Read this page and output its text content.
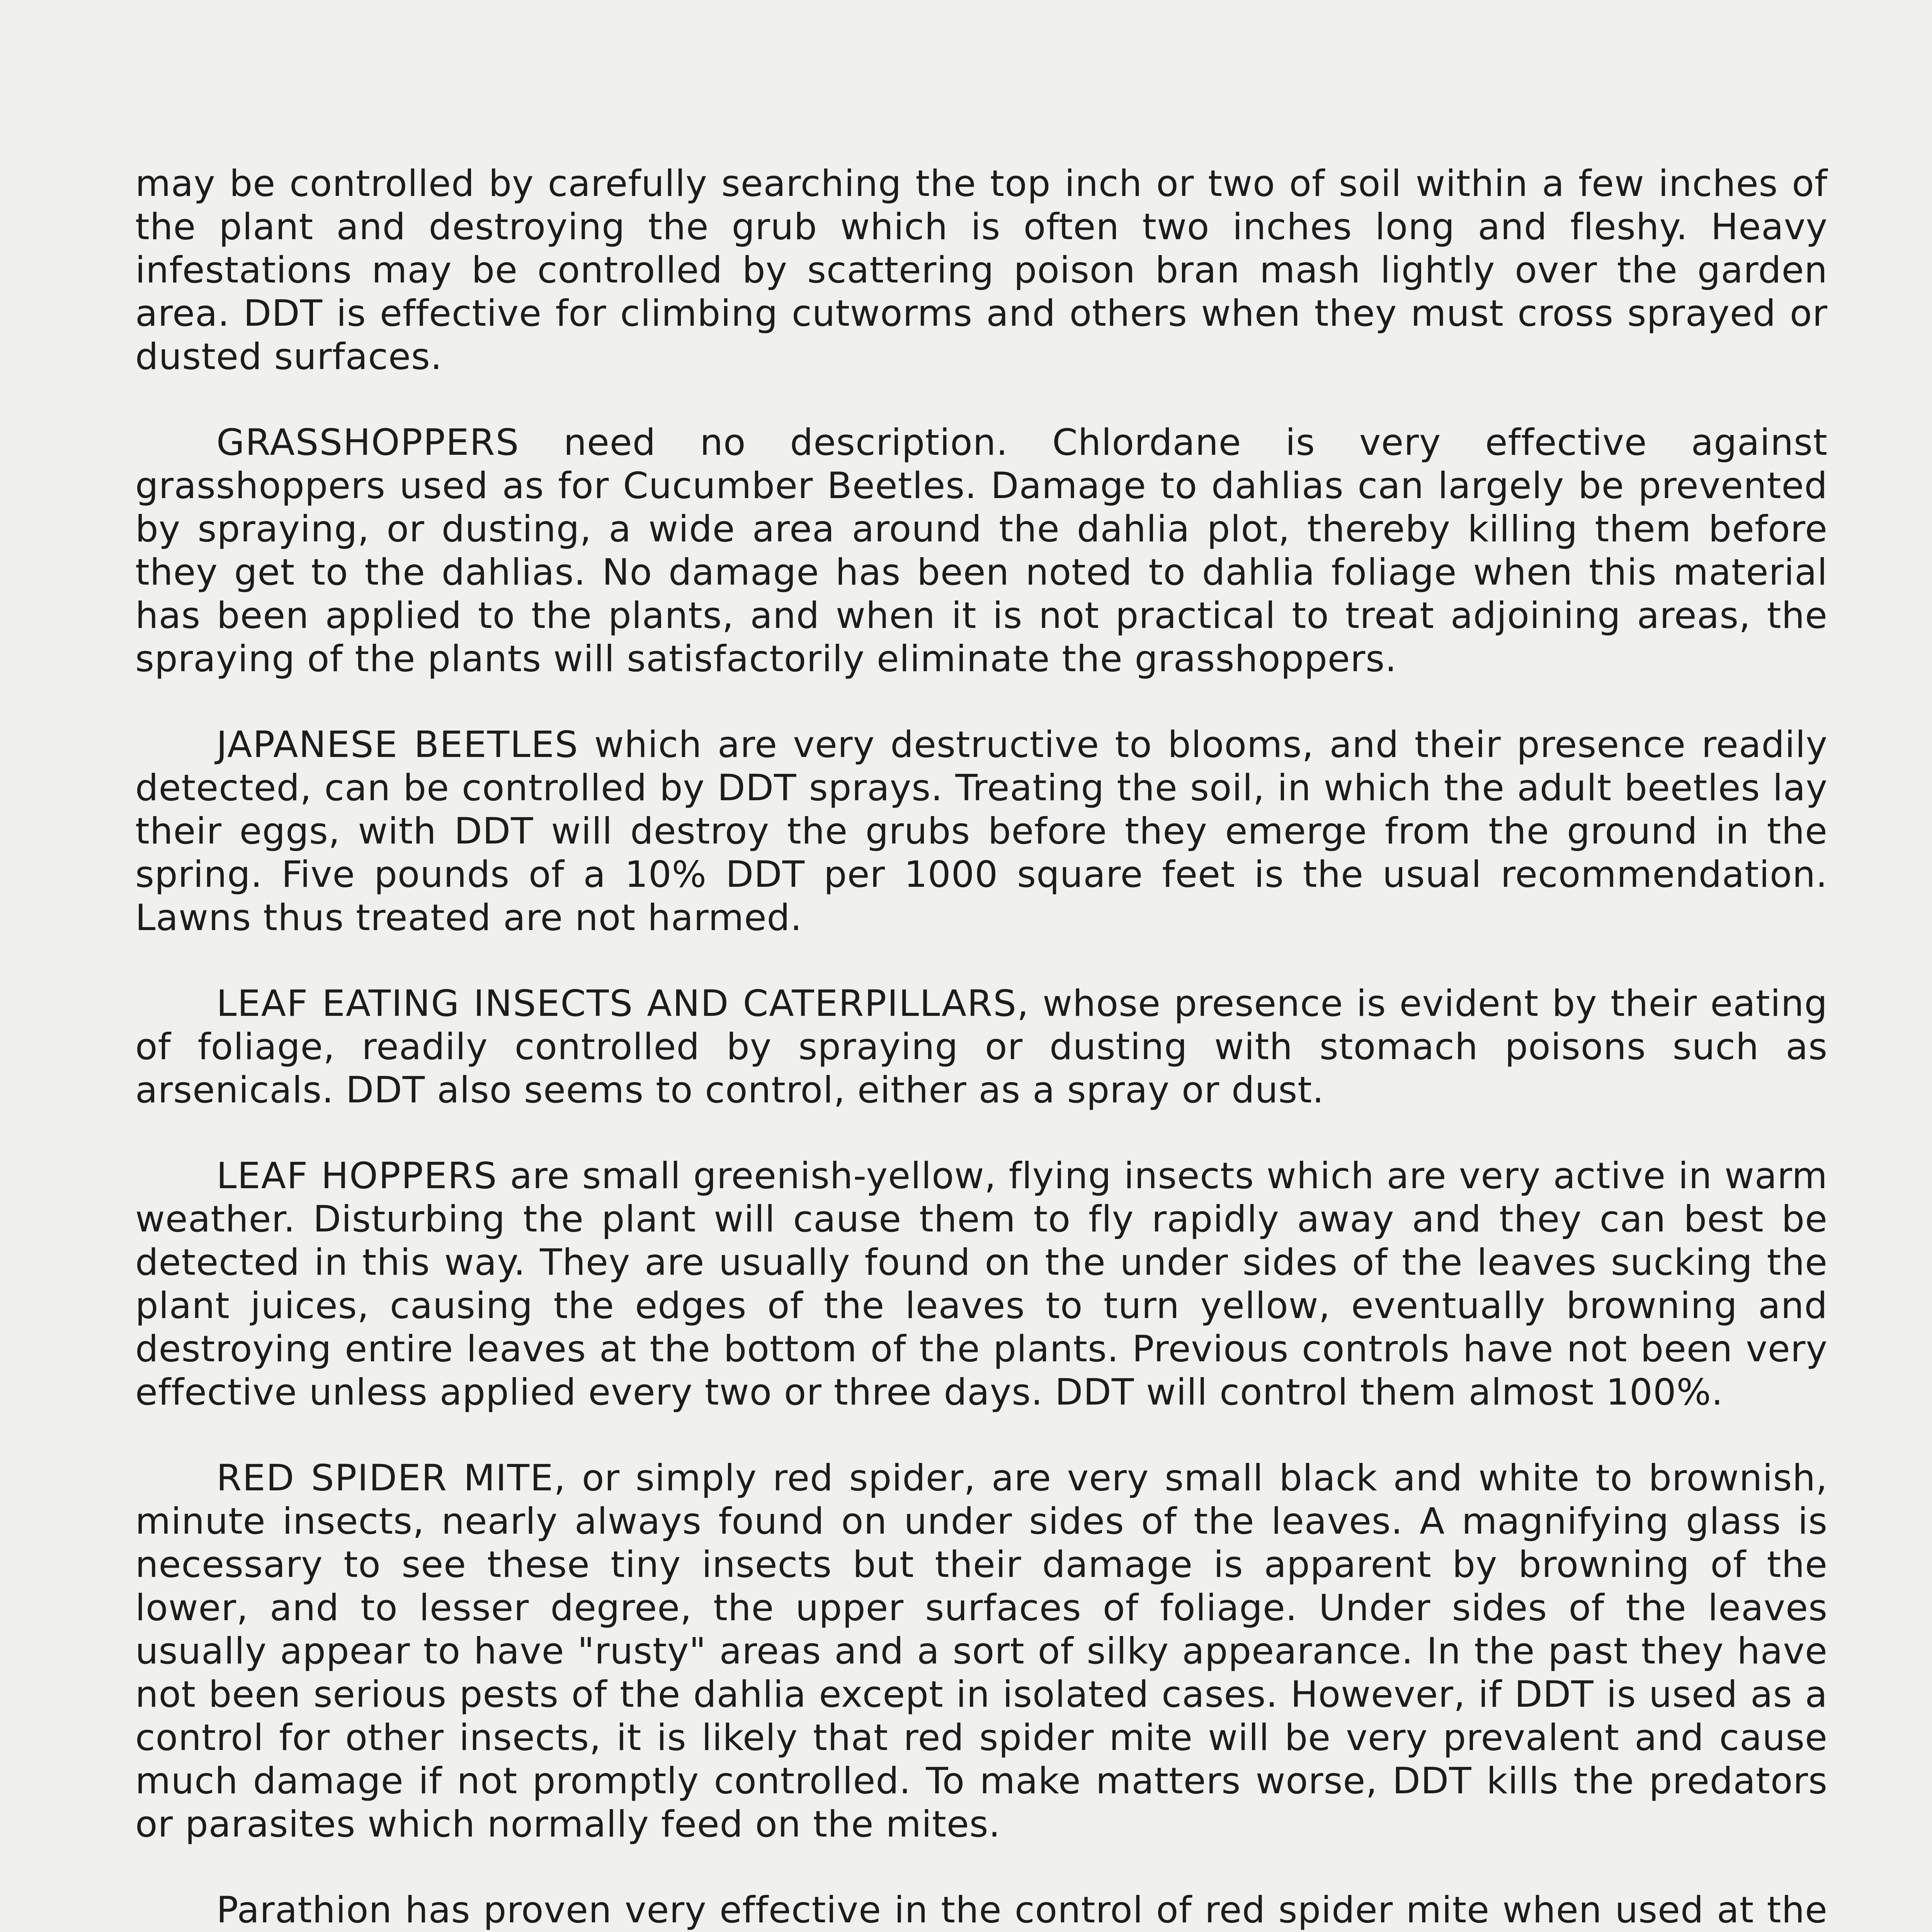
may be controlled by carefully searching the top inch or two of soil within a few inches of the plant and destroying the grub which is often two inches long and fleshy. Heavy infestations may be controlled by scattering poison bran mash lightly over the garden area. DDT is effective for climbing cutworms and others when they must cross sprayed or dusted surfaces.

GRASSHOPPERS need no description. Chlordane is very effective against grasshoppers used as for Cucumber Beetles. Damage to dahlias can largely be prevented by spraying, or dusting, a wide area around the dahlia plot, thereby killing them before they get to the dahlias. No damage has been noted to dahlia foliage when this material has been applied to the plants, and when it is not practical to treat adjoining areas, the spraying of the plants will satisfactorily eliminate the grasshoppers.

JAPANESE BEETLES which are very destructive to blooms, and their presence readily detected, can be controlled by DDT sprays. Treating the soil, in which the adult beetles lay their eggs, with DDT will destroy the grubs before they emerge from the ground in the spring. Five pounds of a 10% DDT per 1000 square feet is the usual recommendation. Lawns thus treated are not harmed.

LEAF EATING INSECTS AND CATERPILLARS, whose presence is evident by their eating of foliage, readily controlled by spraying or dusting with stomach poisons such as arsenicals. DDT also seems to control, either as a spray or dust.

LEAF HOPPERS are small greenish-yellow, flying insects which are very active in warm weather. Disturbing the plant will cause them to fly rapidly away and they can best be detected in this way. They are usually found on the under sides of the leaves sucking the plant juices, causing the edges of the leaves to turn yellow, eventually browning and destroying entire leaves at the bottom of the plants. Previous controls have not been very effective unless applied every two or three days. DDT will control them almost 100%.

RED SPIDER MITE, or simply red spider, are very small black and white to brownish, minute insects, nearly always found on under sides of the leaves. A magnifying glass is necessary to see these tiny insects but their damage is apparent by browning of the lower, and to lesser degree, the upper surfaces of foliage. Under sides of the leaves usually appear to have "rusty" areas and a sort of silky appearance. In the past they have not been serious pests of the dahlia except in isolated cases. However, if DDT is used as a control for other insects, it is likely that red spider mite will be very prevalent and cause much damage if not promptly controlled. To make matters worse, DDT kills the predators or parasites which normally feed on the mites.

Parathion has proven very effective in the control of red spider mite when used at the
